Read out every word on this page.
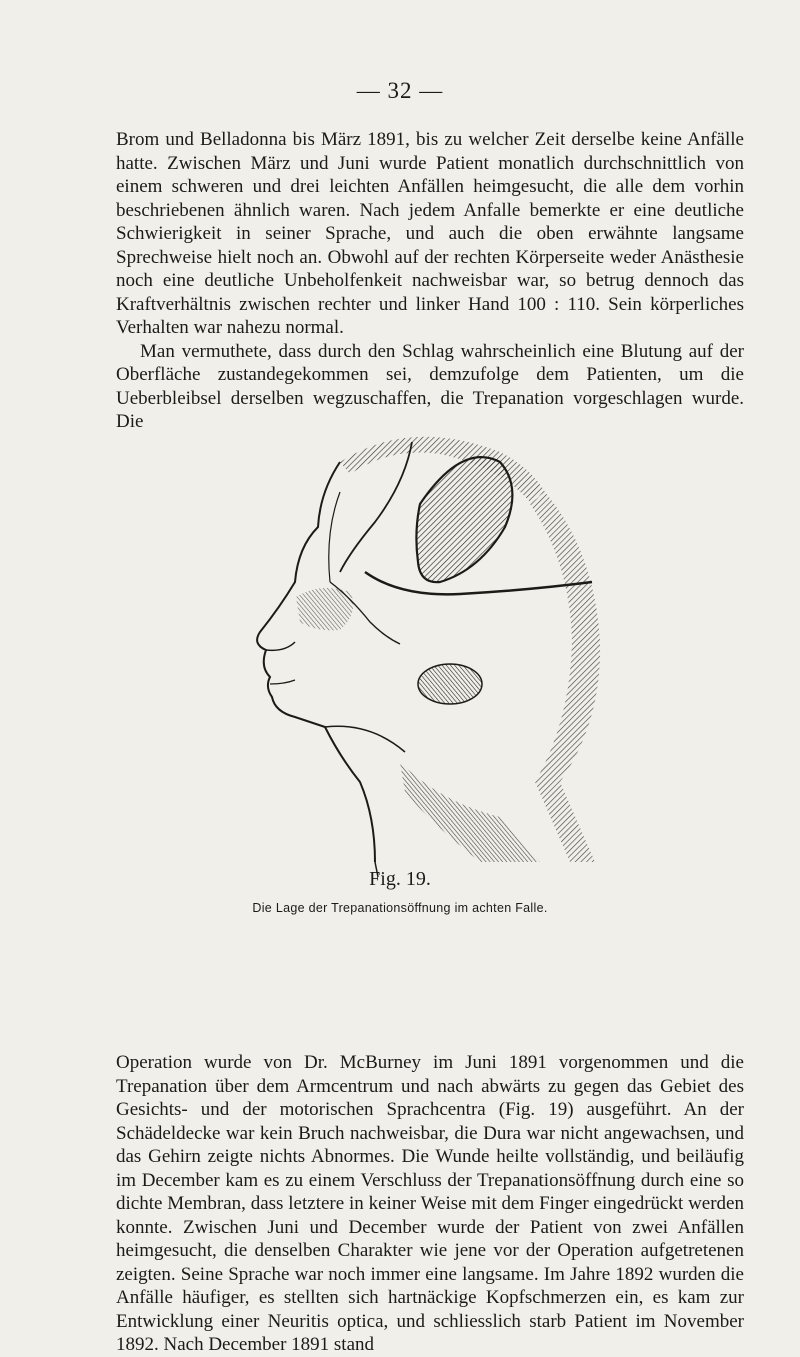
— 32 —

Brom und Belladonna bis März 1891, bis zu welcher Zeit derselbe keine Anfälle hatte. Zwischen März und Juni wurde Patient monatlich durchschnittlich von einem schweren und drei leichten Anfällen heimgesucht, die alle dem vorhin beschriebenen ähnlich waren. Nach jedem Anfalle bemerkte er eine deutliche Schwierigkeit in seiner Sprache, und auch die oben erwähnte langsame Sprechweise hielt noch an. Obwohl auf der rechten Körperseite weder Anästhesie noch eine deutliche Unbeholfenkeit nachweisbar war, so betrug dennoch das Kraftverhältnis zwischen rechter und linker Hand 100 : 110. Sein körperliches Verhalten war nahezu normal.

Man vermuthete, dass durch den Schlag wahrscheinlich eine Blutung auf der Oberfläche zustandegekommen sei, demzufolge dem Patienten, um die Ueberbleibsel derselben wegzuschaffen, die Trepanation vorgeschlagen wurde. Die

Fig. 19.
Die Lage der Trepanationsöffnung im achten Falle.

Operation wurde von Dr. McBurney im Juni 1891 vorgenommen und die Trepanation über dem Armcentrum und nach abwärts zu gegen das Gebiet des Gesichts- und der motorischen Sprachcentra (Fig. 19) ausgeführt. An der Schädeldecke war kein Bruch nachweisbar, die Dura war nicht angewachsen, und das Gehirn zeigte nichts Abnormes. Die Wunde heilte vollständig, und beiläufig im December kam es zu einem Verschluss der Trepanationsöffnung durch eine so dichte Membran, dass letztere in keiner Weise mit dem Finger eingedrückt werden konnte. Zwischen Juni und December wurde der Patient von zwei Anfällen heimgesucht, die denselben Charakter wie jene vor der Operation aufgetretenen zeigten. Seine Sprache war noch immer eine langsame. Im Jahre 1892 wurden die Anfälle häufiger, es stellten sich hartnäckige Kopfschmerzen ein, es kam zur Entwicklung einer Neuritis optica, und schliesslich starb Patient im November 1892. Nach December 1891 stand
